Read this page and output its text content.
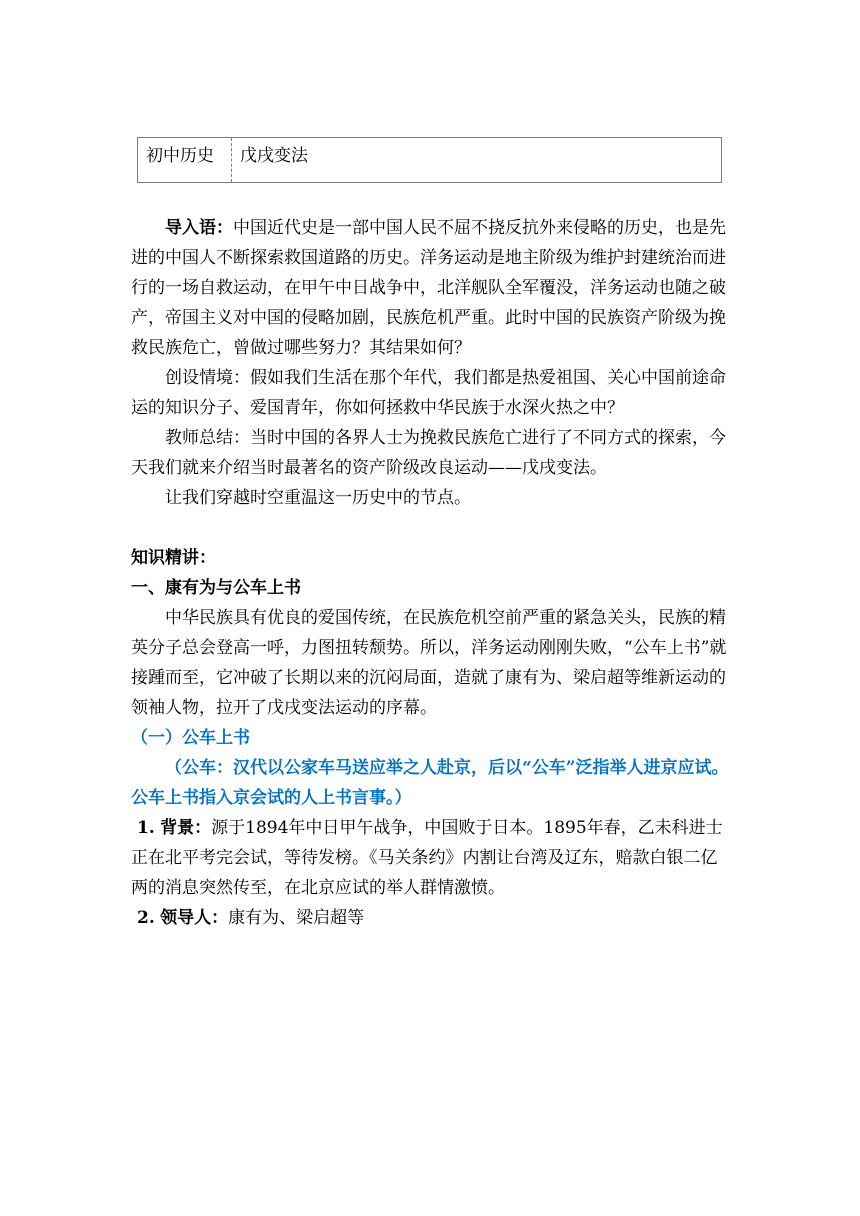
初中历史	戊戌变法

导入语：中国近代史是一部中国人民不屈不挠反抗外来侵略的历史，也是先进的中国人不断探索救国道路的历史。洋务运动是地主阶级为维护封建统治而进行的一场自救运动，在甲午中日战争中，北洋舰队全军覆没，洋务运动也随之破产，帝国主义对中国的侵略加剧，民族危机严重。此时中国的民族资产阶级为挽救民族危亡，曾做过哪些努力？其结果如何？

创设情境：假如我们生活在那个年代，我们都是热爱祖国、关心中国前途命运的知识分子、爱国青年，你如何拯救中华民族于水深火热之中？

教师总结：当时中国的各界人士为挽救民族危亡进行了不同方式的探索，今天我们就来介绍当时最著名的资产阶级改良运动——戊戌变法。

让我们穿越时空重温这一历史中的节点。

知识精讲：

一、康有为与公车上书

中华民族具有优良的爱国传统，在民族危机空前严重的紧急关头，民族的精英分子总会登高一呼，力图扭转颓势。所以，洋务运动刚刚失败，“公车上书”就接踵而至，它冲破了长期以来的沉闷局面，造就了康有为、梁启超等维新运动的领袖人物，拉开了戊戌变法运动的序幕。

（一）公车上书

（公车：汉代以公家车马送应举之人赴京，后以“公车”泛指举人进京应试。公车上书指入京会试的人上书言事。）

1. 背景：源于1894年中日甲午战争，中国败于日本。1895年春，乙未科进士正在北平考完会试，等待发榜。《马关条约》内割让台湾及辽东，赔款白银二亿两的消息突然传至，在北京应试的举人群情激愤。

2. 领导人：康有为、梁启超等
